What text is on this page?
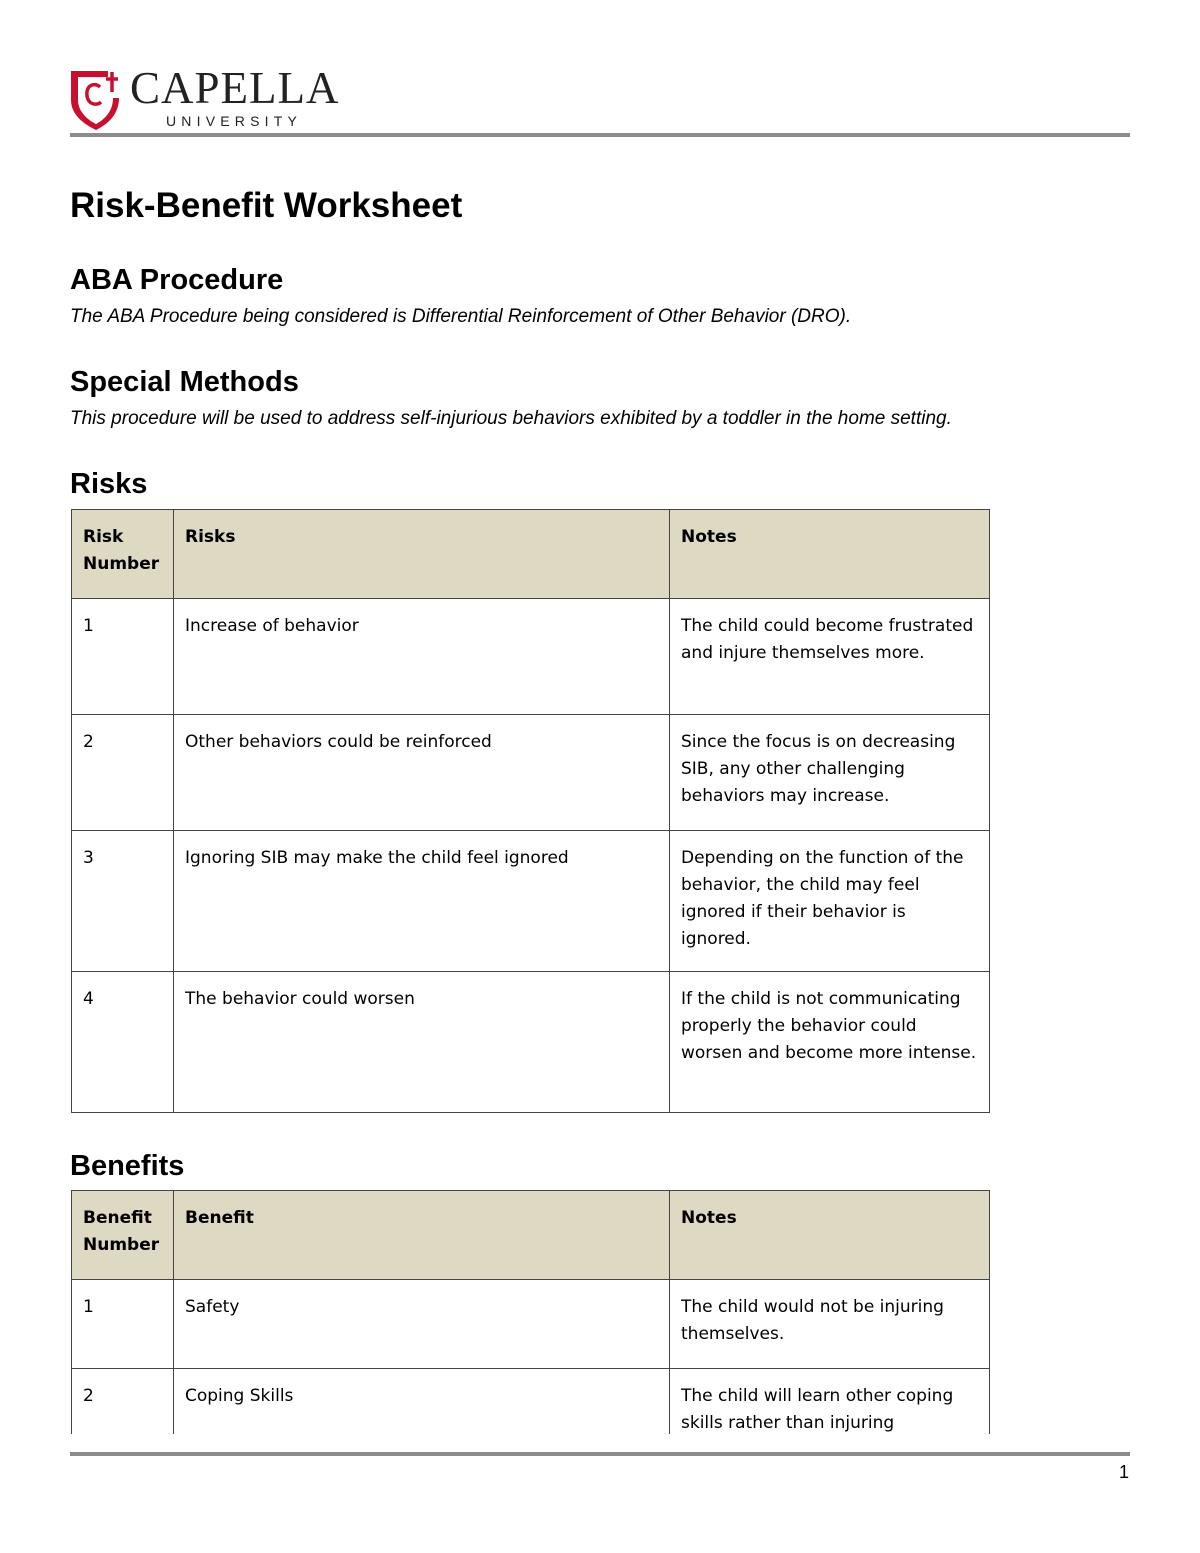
CAPELLA
UNIVERSITY
Risk-Benefit Worksheet
ABA Procedure

The ABA Procedure being considered is Differential Reinforcement of Other Behavior (DRO).

Special Methods

This procedure will be used to address self-injurious behaviors exhibited by a toddler in the home setting.

Risks
Risk Number	Risks	Notes
1	Increase of behavior	The child could become frustrated and injure themselves more.
2	Other behaviors could be reinforced	Since the focus is on decreasing SIB, any other challenging behaviors may increase.
3	Ignoring SIB may make the child feel ignored	Depending on the function of the behavior, the child may feel ignored if their behavior is ignored.
4	The behavior could worsen	If the child is not communicating properly the behavior could worsen and become more intense.
Benefits
Benefit Number	Benefit	Notes
1	Safety	The child would not be injuring themselves.
2	Coping Skills	The child will learn other coping skills rather than injuring
1
